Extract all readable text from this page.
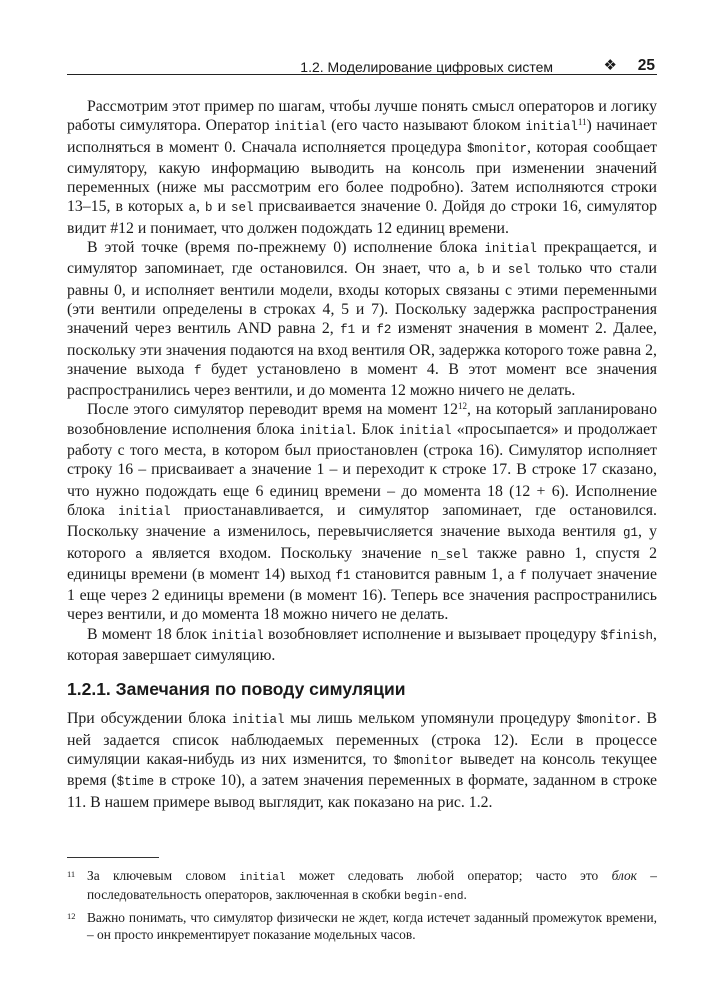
1.2. Моделирование цифровых систем	❖ 25

Рассмотрим этот пример по шагам, чтобы лучше понять смысл операторов и логику работы симулятора. Оператор initial (его часто называют блоком initial$^{11}$) начинает исполняться в момент 0. Сначала исполняется процедура $monitor, которая сообщает симулятору, какую информацию выводить на консоль при изменении значений переменных (ниже мы рассмотрим его более подробно). Затем исполняются строки 13–15, в которых a, b и sel присваивается значение 0. Дойдя до строки 16, симулятор видит #12 и понимает, что должен подождать 12 единиц времени.

В этой точке (время по-прежнему 0) исполнение блока initial прекращается, и симулятор запоминает, где остановился. Он знает, что a, b и sel только что стали равны 0, и исполняет вентили модели, входы которых связаны с этими переменными (эти вентили определены в строках 4, 5 и 7). Поскольку задержка распространения значений через вентиль AND равна 2, f1 и f2 изменят значения в момент 2. Далее, поскольку эти значения подаются на вход вентиля OR, задержка которого тоже равна 2, значение выхода f будет установлено в момент 4. В этот момент все значения распространились через вентили, и до момента 12 можно ничего не делать.

После этого симулятор переводит время на момент $12^{12}$, на который запланировано возобновление исполнения блока initial. Блок initial «просыпается» и продолжает работу с того места, в котором был приостановлен (строка 16). Симулятор исполняет строку 16 – присваивает a значение 1 – и переходит к строке 17. В строке 17 сказано, что нужно подождать еще 6 единиц времени – до момента 18 (12 + 6). Исполнение блока initial приостанавливается, и симулятор запоминает, где остановился. Поскольку значение a изменилось, перевычисляется значение выхода вентиля g1, у которого a является входом. Поскольку значение n_sel также равно 1, спустя 2 единицы времени (в момент 14) выход f1 становится равным 1, а f получает значение 1 еще через 2 единицы времени (в момент 16). Теперь все значения распространились через вентили, и до момента 18 можно ничего не делать.

В момент 18 блок initial возобновляет исполнение и вызывает процедуру $finish, которая завершает симуляцию.

1.2.1. Замечания по поводу симуляции

При обсуждении блока initial мы лишь мельком упомянули процедуру $monitor. В ней задается список наблюдаемых переменных (строка 12). Если в процессе симуляции какая-нибудь из них изменится, то $monitor выведет на консоль текущее время ($time в строке 10), а затем значения переменных в формате, заданном в строке 11. В нашем примере вывод выглядит, как показано на рис. 1.2.

11 За ключевым словом initial может следовать любой оператор; часто это блок – последовательность операторов, заключенная в скобки begin-end.
12 Важно понимать, что симулятор физически не ждет, когда истечет заданный промежуток времени, – он просто инкрементирует показание модельных часов.
